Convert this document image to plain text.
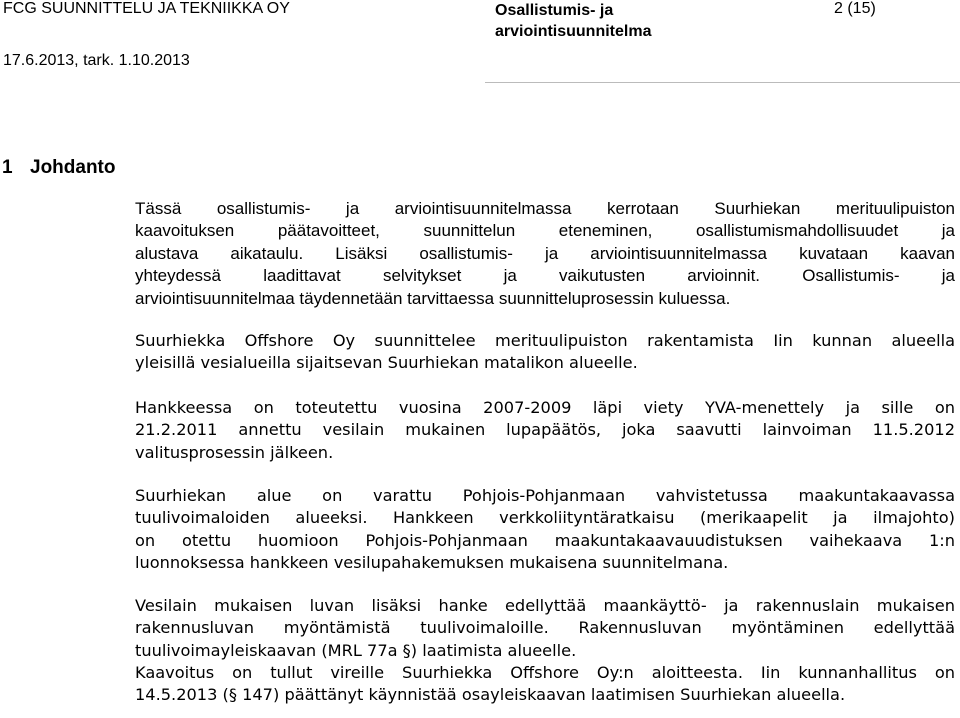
FCG SUUNNITTELU JA TEKNIIKKA OY	Osallistumis- ja
arviointisuunnitelma
2 (15)
17.6.2013, tark. 1.10.2013
1 Johdanto
Tässä osallistumis- ja arviointisuunnitelmassa kerrotaan Suurhiekan merituulipuiston
kaavoituksen päätavoitteet, suunnittelun eteneminen, osallistumismahdollisuudet ja
alustava aikataulu. Lisäksi osallistumis- ja arviointisuunnitelmassa kuvataan kaavan
yhteydessä laadittavat selvitykset ja vaikutusten arvioinnit. Osallistumis- ja
arviointisuunnitelmaa täydennetään tarvittaessa suunnitteluprosessin kuluessa.
Suurhiekka Offshore Oy suunnittelee merituulipuiston rakentamista Iin kunnan alueella
yleisillä vesialueilla sijaitsevan Suurhiekan matalikon alueelle.
Hankkeessa on toteutettu vuosina 2007-2009 läpi viety YVA-menettely ja sille on
21.2.2011 annettu vesilain mukainen lupapäätös, joka saavutti lainvoiman 11.5.2012
valitusprosessin jälkeen.
Suurhiekan alue on varattu Pohjois-Pohjanmaan vahvistetussa maakuntakaavassa
tuulivoimaloiden alueeksi. Hankkeen verkkoliityntäratkaisu (merikaapelit ja ilmajohto)
on otettu huomioon Pohjois-Pohjanmaan maakuntakaavauudistuksen vaihekaava 1:n
luonnoksessa hankkeen vesilupahakemuksen mukaisena suunnitelmana.
Vesilain mukaisen luvan lisäksi hanke edellyttää maankäyttö- ja rakennuslain mukaisen
rakennusluvan myöntämistä tuulivoimaloille. Rakennusluvan myöntäminen edellyttää
tuulivoimayleiskaavan (MRL 77a §) laatimista alueelle.
Kaavoitus on tullut vireille Suurhiekka Offshore Oy:n aloitteesta. Iin kunnanhallitus on
14.5.2013 (§ 147) päättänyt käynnistää osayleiskaavan laatimisen Suurhiekan alueella.
